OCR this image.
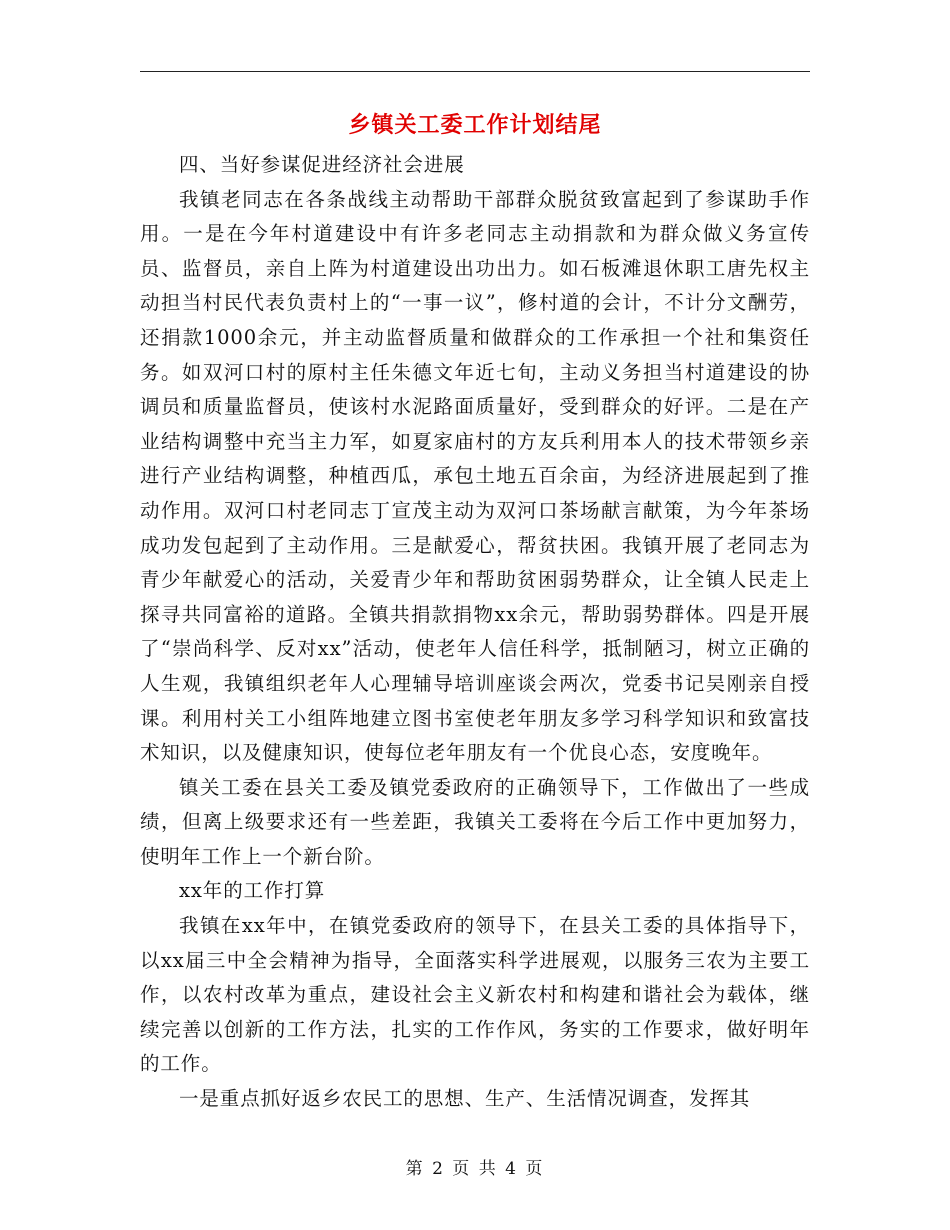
乡镇关工委工作计划结尾

四、当好参谋促进经济社会进展

我镇老同志在各条战线主动帮助干部群众脱贫致富起到了参谋助手作用。一是在今年村道建设中有许多老同志主动捐款和为群众做义务宣传员、监督员，亲自上阵为村道建设出功出力。如石板滩退休职工唐先权主动担当村民代表负责村上的“一事一议”，修村道的会计，不计分文酬劳，还捐款1000余元，并主动监督质量和做群众的工作承担一个社和集资任务。如双河口村的原村主任朱德文年近七旬，主动义务担当村道建设的协调员和质量监督员，使该村水泥路面质量好，受到群众的好评。二是在产业结构调整中充当主力军，如夏家庙村的方友兵利用本人的技术带领乡亲进行产业结构调整，种植西瓜，承包土地五百余亩，为经济进展起到了推动作用。双河口村老同志丁宣茂主动为双河口茶场献言献策，为今年茶场成功发包起到了主动作用。三是献爱心，帮贫扶困。我镇开展了老同志为青少年献爱心的活动，关爱青少年和帮助贫困弱势群众，让全镇人民走上探寻共同富裕的道路。全镇共捐款捐物xx余元，帮助弱势群体。四是开展了“崇尚科学、反对xx”活动，使老年人信任科学，抵制陋习，树立正确的人生观，我镇组织老年人心理辅导培训座谈会两次，党委书记吴刚亲自授课。利用村关工小组阵地建立图书室使老年朋友多学习科学知识和致富技术知识，以及健康知识，使每位老年朋友有一个优良心态，安度晚年。

镇关工委在县关工委及镇党委政府的正确领导下，工作做出了一些成绩，但离上级要求还有一些差距，我镇关工委将在今后工作中更加努力，使明年工作上一个新台阶。

xx年的工作打算

我镇在xx年中，在镇党委政府的领导下，在县关工委的具体指导下，以xx届三中全会精神为指导，全面落实科学进展观，以服务三农为主要工作，以农村改革为重点，建设社会主义新农村和构建和谐社会为载体，继续完善以创新的工作方法，扎实的工作作风，务实的工作要求，做好明年的工作。

一是重点抓好返乡农民工的思想、生产、生活情况调查，发挥其

第 2 页 共 4 页
